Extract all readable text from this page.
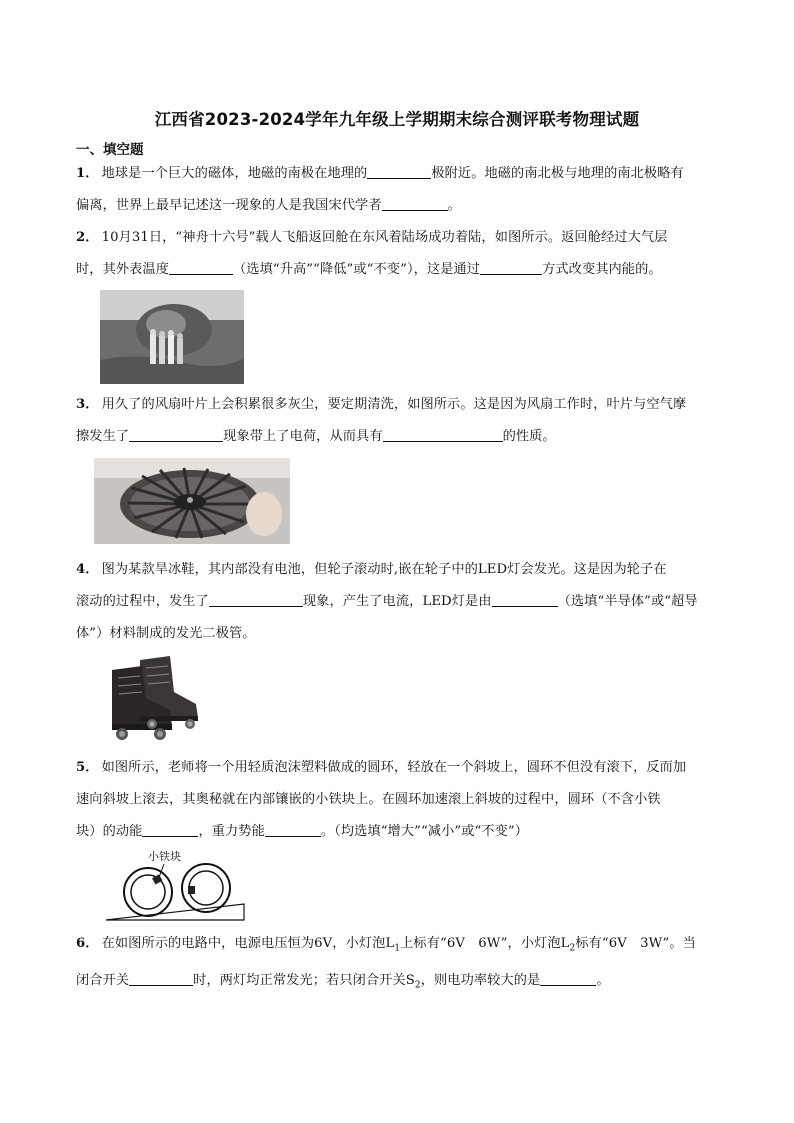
江西省2023-2024学年九年级上学期期末综合测评联考物理试题
一、填空题
1． 地球是一个巨大的磁体，地磁的南极在地理的	极附近。地磁的南北极与地理的南北极略有
偏离，世界上最早记述这一现象的人是我国宋代学者	。
2． 10月31日，“神舟十六号”载人飞船返回舱在东风着陆场成功着陆，如图所示。返回舱经过大气层
时，其外表温度	（选填“升高”“降低”或“不变”），这是通过	方式改变其内能的。
3． 用久了的风扇叶片上会积累很多灰尘，要定期清洗，如图所示。这是因为风扇工作时，叶片与空气摩
擦发生了	现象带上了电荷，从而具有	的性质。
4． 图为某款旱冰鞋，其内部没有电池，但轮子滚动时,嵌在轮子中的LED灯会发光。这是因为轮子在
滚动的过程中，发生了	现象，产生了电流，LED灯是由	（选填“半导体”或“超导
体”）材料制成的发光二极管。
5． 如图所示，老师将一个用轻质泡沫塑料做成的圆环，轻放在一个斜坡上，圆环不但没有滚下，反而加
速向斜坡上滚去，其奥秘就在内部镶嵌的小铁块上。在圆环加速滚上斜坡的过程中，圆环（不含小铁
块）的动能	，重力势能	。（均选填“增大”“减小”或“不变”）
小铁块
6． 在如图所示的电路中，电源电压恒为6V，小灯泡$L_1$上标有“6V　6W”，小灯泡$L_2$标有“6V　3W”。当
闭合开关	时，两灯均正常发光；若只闭合开关$S_2$，则电功率较大的是	。
